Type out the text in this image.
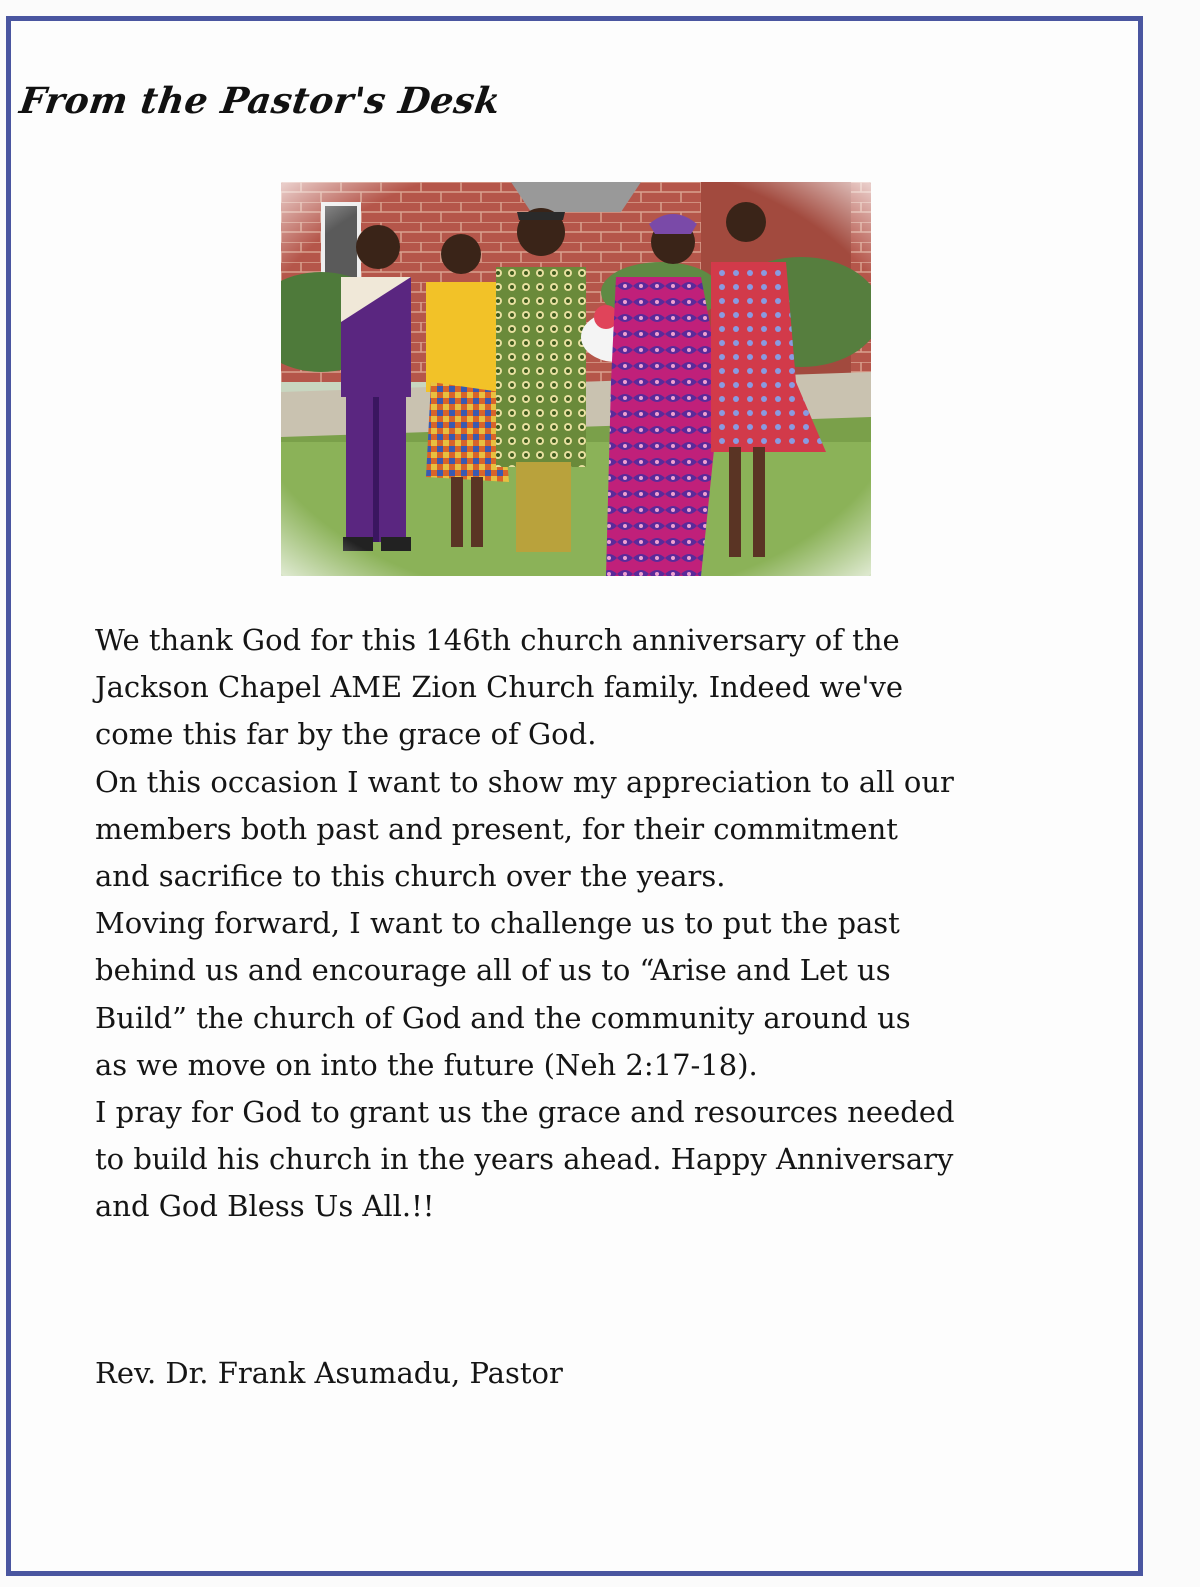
From the Pastor's Desk

We thank God for this 146th church anniversary of the
Jackson Chapel AME Zion Church family. Indeed we've
come this far by the grace of God.
On this occasion I want to show my appreciation to all our
members both past and present, for their commitment
and sacrifice to this church over the years.
Moving forward, I want to challenge us to put the past
behind us and encourage all of us to “Arise and Let us
Build” the church of God and the community around us
as we move on into the future (Neh 2:17-18).
I pray for God to grant us the grace and resources needed
to build his church in the years ahead. Happy Anniversary
and God Bless Us All.!!

Rev. Dr. Frank Asumadu, Pastor
